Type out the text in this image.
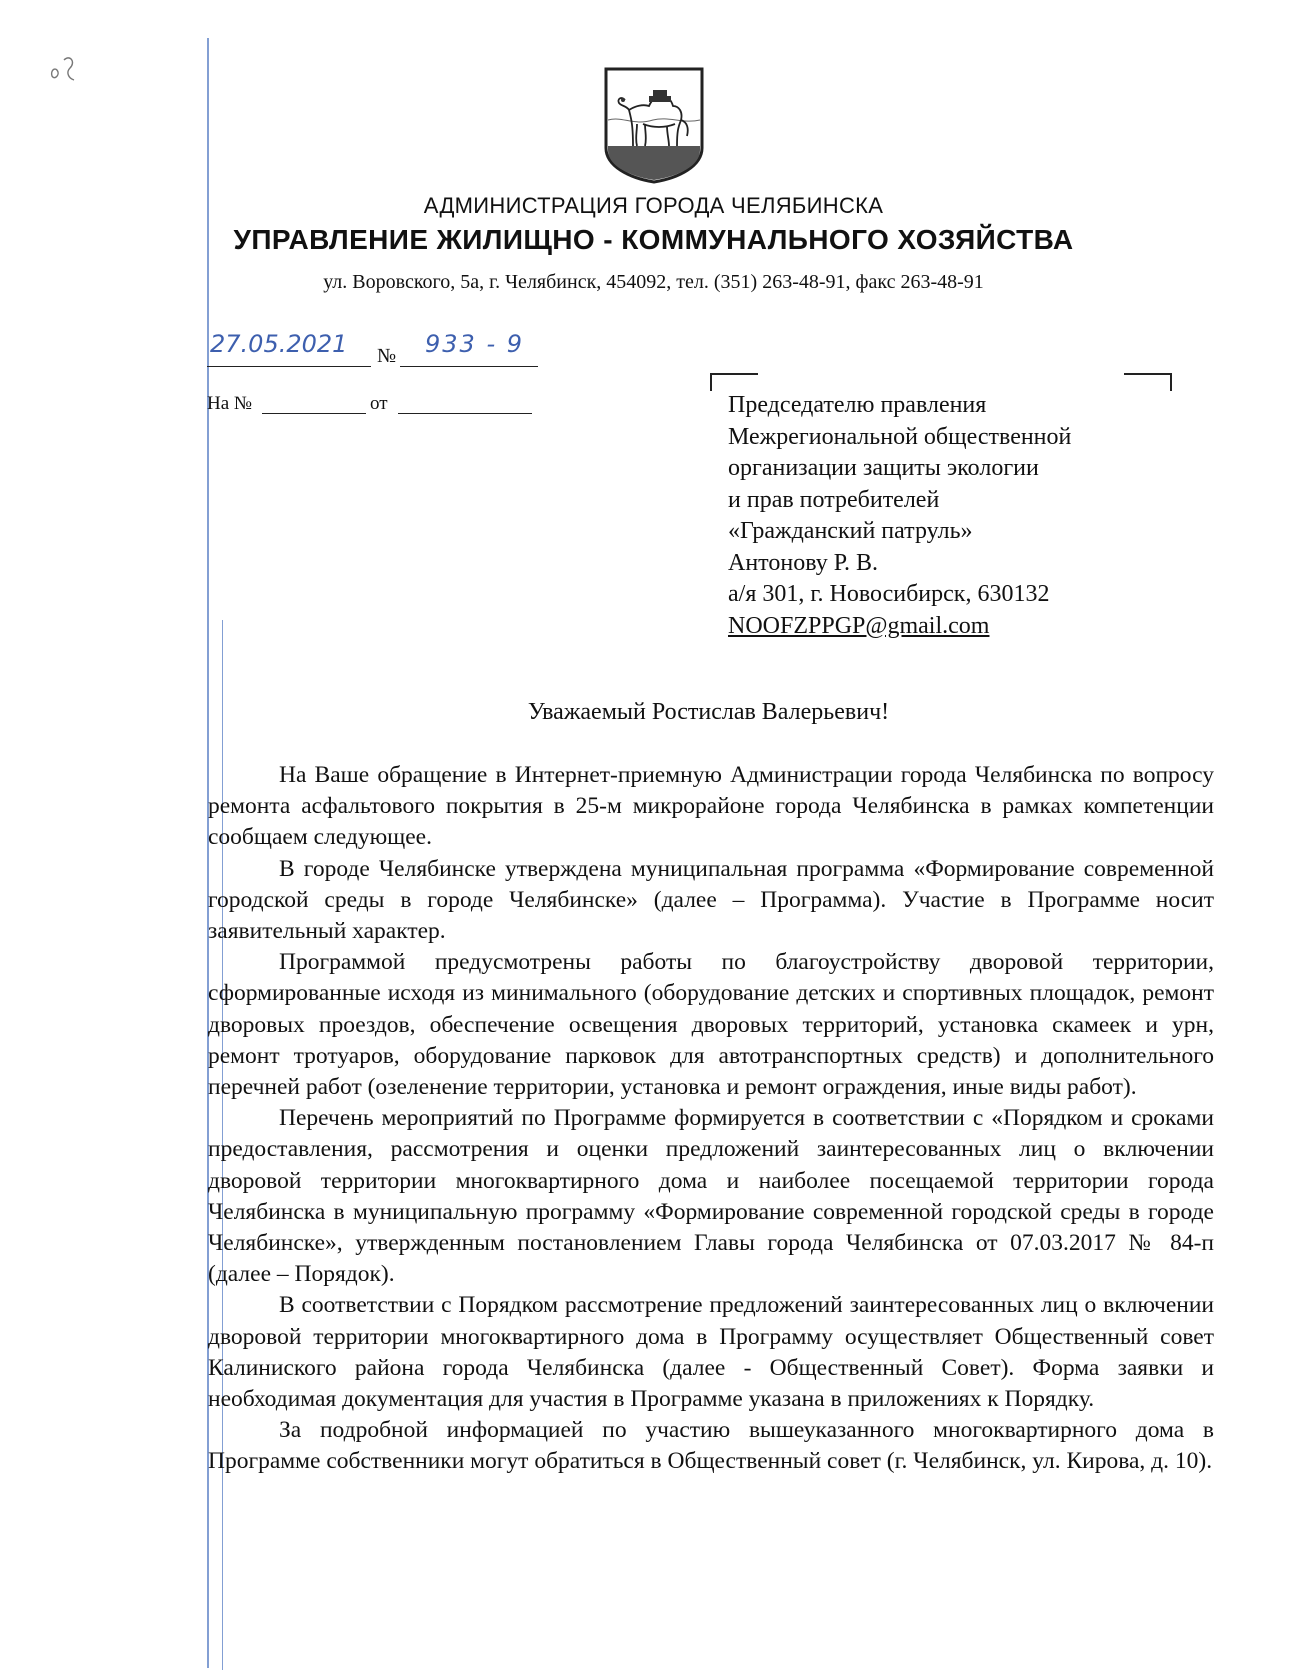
АДМИНИСТРАЦИЯ ГОРОДА ЧЕЛЯБИНСКА
УПРАВЛЕНИЕ ЖИЛИЩНО - КОММУНАЛЬНОГО ХОЗЯЙСТВА
ул. Воровского, 5а, г. Челябинск, 454092, тел. (351) 263-48-91, факс 263-48-91
27.05.2021 № 933 - 9
На №	от	Председателю правления
Межрегиональной общественной
организации защиты экологии
и прав потребителей
«Гражданский патруль»
Антонову Р. В.
а/я 301, г. Новосибирск, 630132
NOOFZPPGP@gmail.com
Уважаемый Ростислав Валерьевич!

На Ваше обращение в Интернет-приемную Администрации города Челябинска по вопросу ремонта асфальтового покрытия в 25-м микрорайоне города Челябинска в рамках компетенции сообщаем следующее.

В городе Челябинске утверждена муниципальная программа «Формирование современной городской среды в городе Челябинске» (далее – Программа). Участие в Программе носит заявительный характер.

Программой предусмотрены работы по благоустройству дворовой территории, сформированные исходя из минимального (оборудование детских и спортивных площадок, ремонт дворовых проездов, обеспечение освещения дворовых территорий, установка скамеек и урн, ремонт тротуаров, оборудование парковок для автотранспортных средств) и дополнительного перечней работ (озеленение территории, установка и ремонт ограждения, иные виды работ).

Перечень мероприятий по Программе формируется в соответствии с «Порядком и сроками предоставления, рассмотрения и оценки предложений заинтересованных лиц о включении дворовой территории многоквартирного дома и наиболее посещаемой территории города Челябинска в муниципальную программу «Формирование современной городской среды в городе Челябинске», утвержденным постановлением Главы города Челябинска от 07.03.2017 № 84-п (далее – Порядок).

В соответствии с Порядком рассмотрение предложений заинтересованных лиц о включении дворовой территории многоквартирного дома в Программу осуществляет Общественный совет Калиниского района города Челябинска (далее - Общественный Совет). Форма заявки и необходимая документация для участия в Программе указана в приложениях к Порядку.

За подробной информацией по участию вышеуказанного многоквартирного дома в Программе собственники могут обратиться в Общественный совет (г. Челябинск, ул. Кирова, д. 10).
